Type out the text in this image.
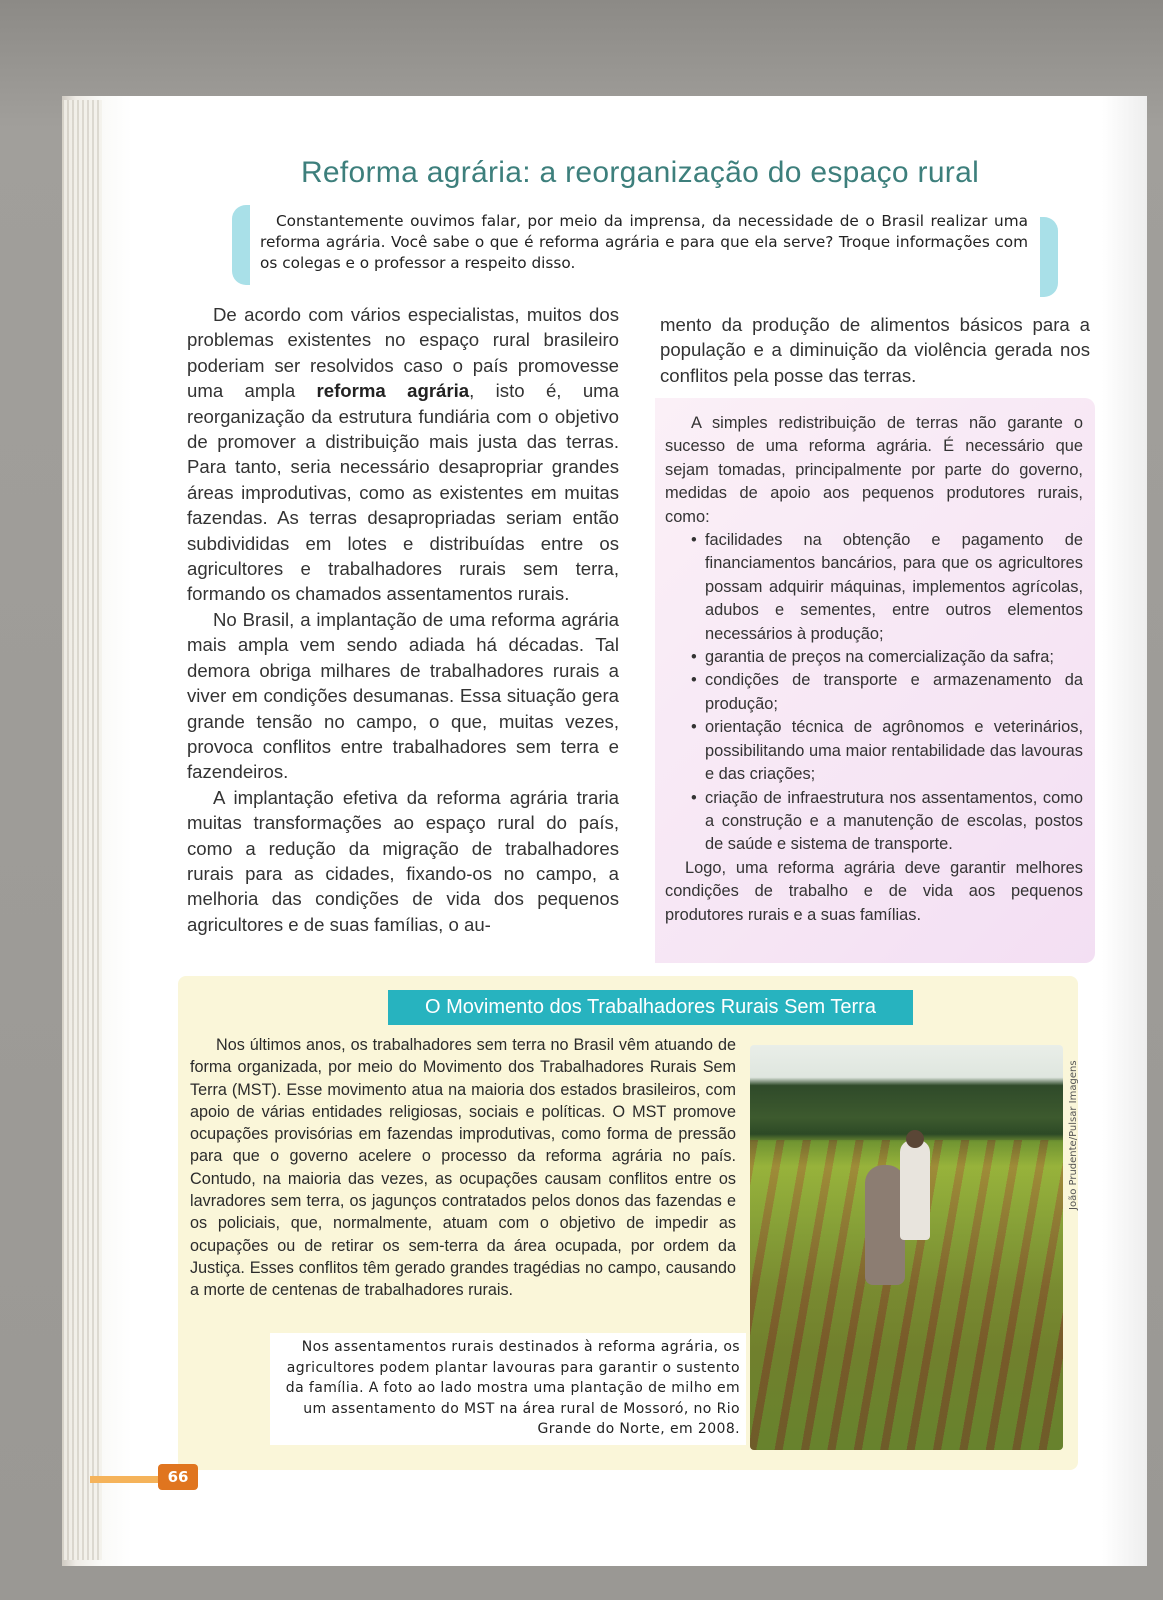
Reforma agrária: a reorganização do espaço rural

Constantemente ouvimos falar, por meio da imprensa, da necessidade de o Brasil realizar uma reforma agrária. Você sabe o que é reforma agrária e para que ela serve? Troque informações com os colegas e o professor a respeito disso.

De acordo com vários especialistas, muitos dos problemas existentes no espaço rural brasileiro poderiam ser resolvidos caso o país promovesse uma ampla reforma agrária, isto é, uma reorganização da estrutura fundiária com o objetivo de promover a distribuição mais justa das terras. Para tanto, seria necessário desapropriar grandes áreas improdutivas, como as existentes em muitas fazendas. As terras desapropriadas seriam então subdivididas em lotes e distribuídas entre os agricultores e trabalhadores rurais sem terra, formando os chamados assentamentos rurais.

No Brasil, a implantação de uma reforma agrária mais ampla vem sendo adiada há décadas. Tal demora obriga milhares de trabalhadores rurais a viver em condições desumanas. Essa situação gera grande tensão no campo, o que, muitas vezes, provoca conflitos entre trabalhadores sem terra e fazendeiros.

A implantação efetiva da reforma agrária traria muitas transformações ao espaço rural do país, como a redução da migração de trabalhadores rurais para as cidades, fixando-os no campo, a melhoria das condições de vida dos pequenos agricultores e de suas famílias, o au-

mento da produção de alimentos básicos para a população e a diminuição da violência gerada nos conflitos pela posse das terras.

A simples redistribuição de terras não garante o sucesso de uma reforma agrária. É necessário que sejam tomadas, principalmente por parte do governo, medidas de apoio aos pequenos produtores rurais, como:

• facilidades na obtenção e pagamento de financiamentos bancários, para que os agricultores possam adquirir máquinas, implementos agrícolas, adubos e sementes, entre outros elementos necessários à produção;
• garantia de preços na comercialização da safra;
• condições de transporte e armazenamento da produção;
• orientação técnica de agrônomos e veterinários, possibilitando uma maior rentabilidade das lavouras e das criações;
• criação de infraestrutura nos assentamentos, como a construção e a manutenção de escolas, postos de saúde e sistema de transporte.

Logo, uma reforma agrária deve garantir melhores condições de trabalho e de vida aos pequenos produtores rurais e a suas famílias.

O Movimento dos Trabalhadores Rurais Sem Terra

Nos últimos anos, os trabalhadores sem terra no Brasil vêm atuando de forma organizada, por meio do Movimento dos Trabalhadores Rurais Sem Terra (MST). Esse movimento atua na maioria dos estados brasileiros, com apoio de várias entidades religiosas, sociais e políticas. O MST promove ocupações provisórias em fazendas improdutivas, como forma de pressão para que o governo acelere o processo da reforma agrária no país. Contudo, na maioria das vezes, as ocupações causam conflitos entre os lavradores sem terra, os jagunços contratados pelos donos das fazendas e os policiais, que, normalmente, atuam com o objetivo de impedir as ocupações ou de retirar os sem-terra da área ocupada, por ordem da Justiça. Esses conflitos têm gerado grandes tragédias no campo, causando a morte de centenas de trabalhadores rurais.

Nos assentamentos rurais destinados à reforma agrária, os agricultores podem plantar lavouras para garantir o sustento da família. A foto ao lado mostra uma plantação de milho em um assentamento do MST na área rural de Mossoró, no Rio Grande do Norte, em 2008.

João Prudente/Pulsar Imagens
66
